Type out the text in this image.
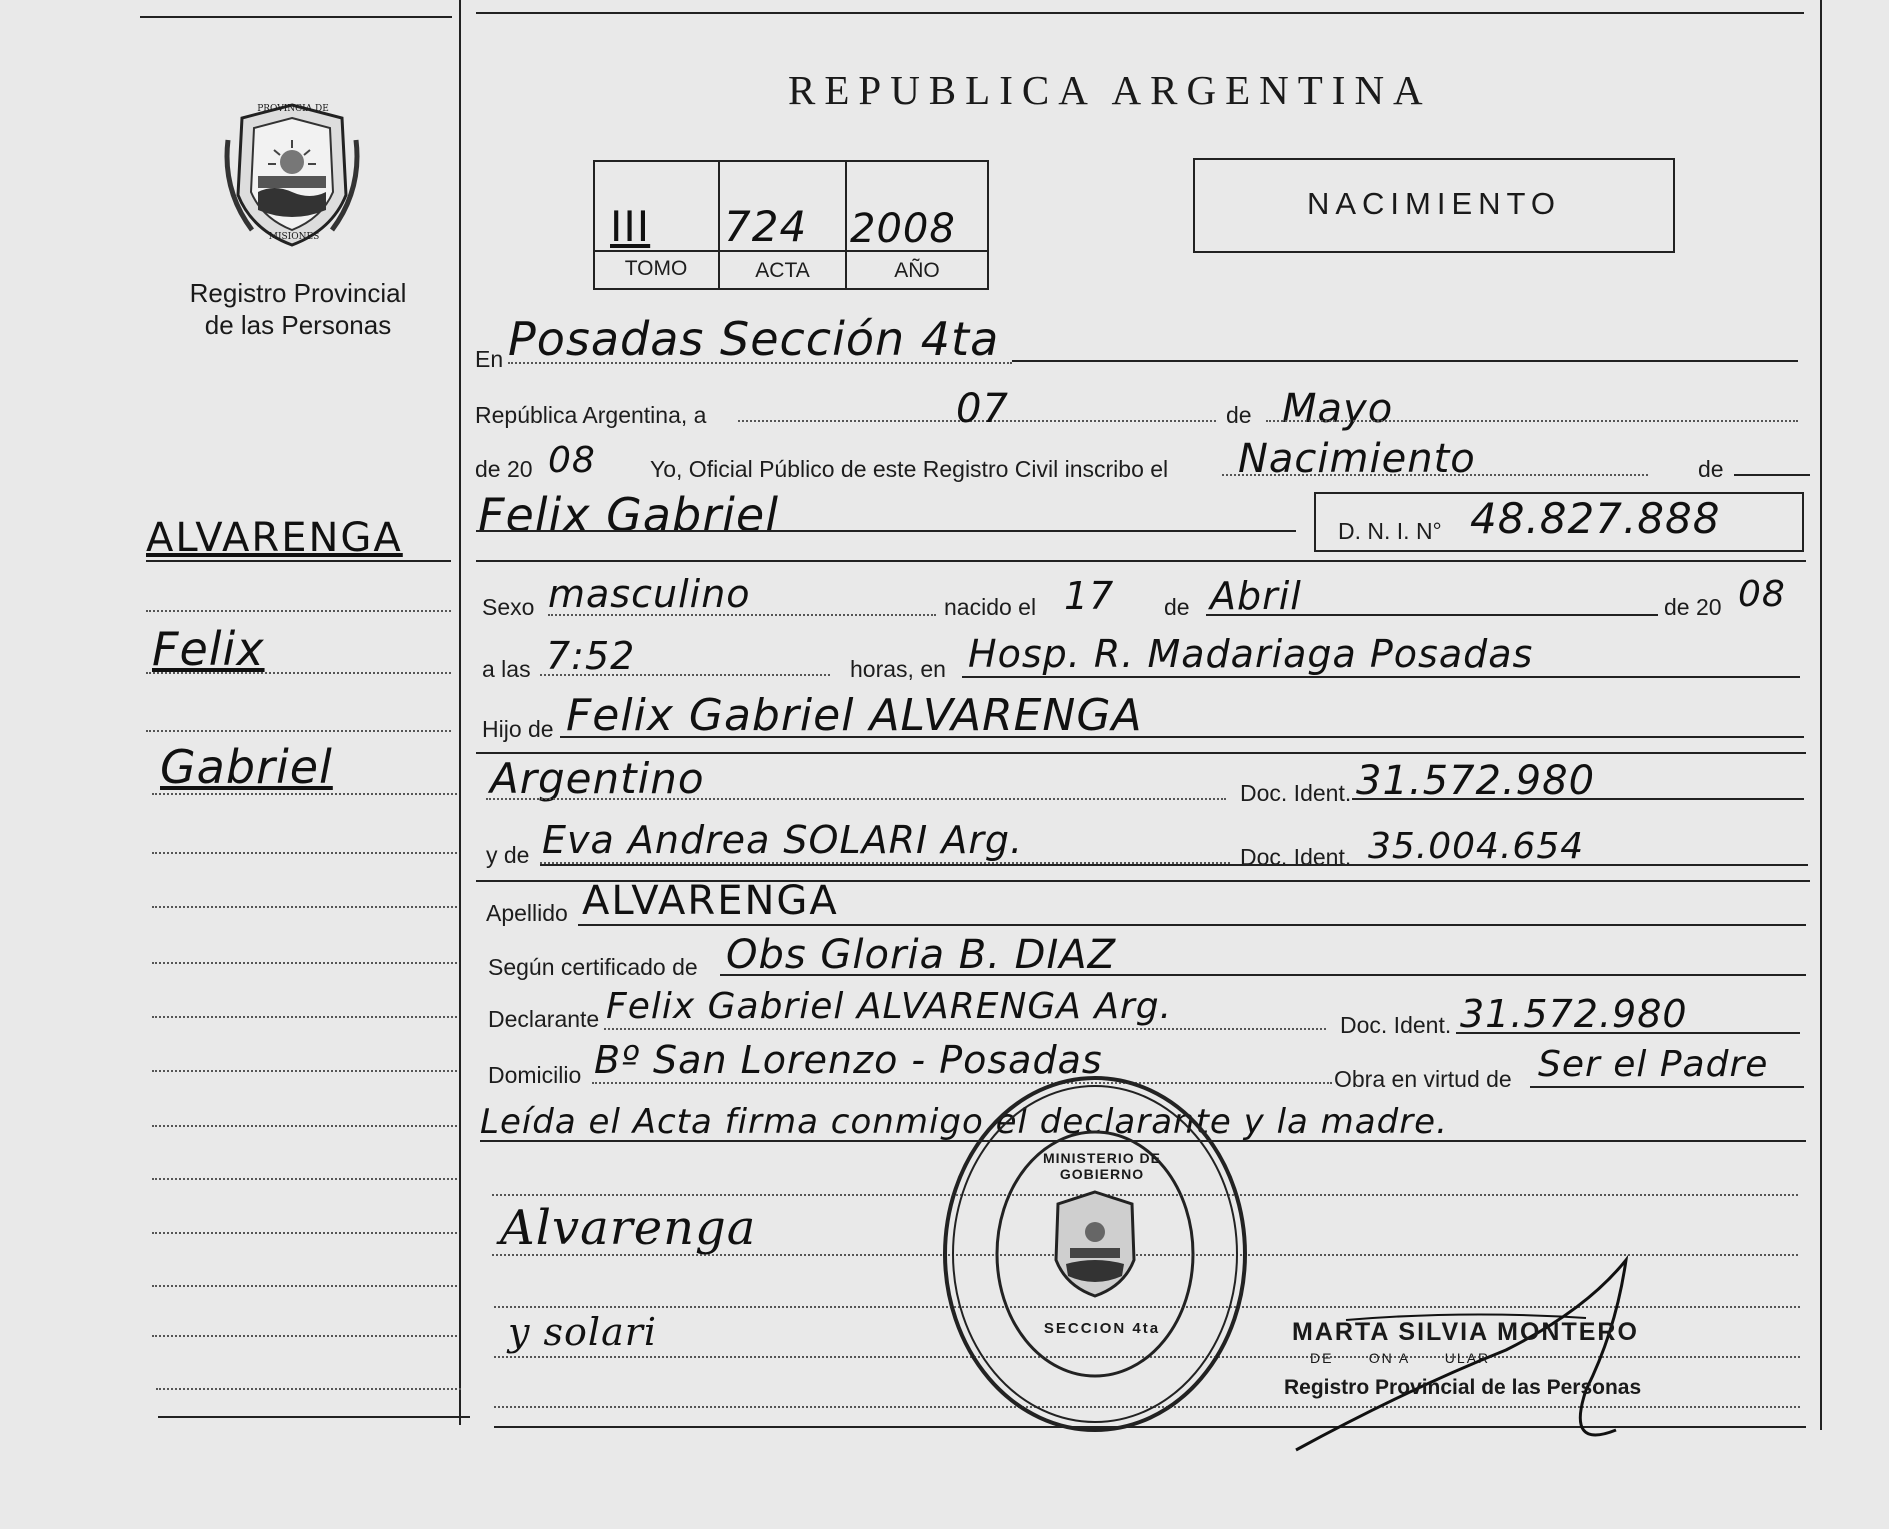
PROVINCIA DE
MISIONES
Registro Provincial
de las Personas
ALVARENGA
Felix
Gabriel
REPUBLICA ARGENTINA
III 724 2008
TOMO	ACTA	AÑO
NACIMIENTO
En Posadas Sección 4ta
República Argentina, a	07	de Mayo
de 20 08 Yo, Oficial Público de este Registro Civil inscribo el Nacimiento	de
Felix Gabriel	D. N. I. N° 48.827.888
Sexo masculino	nacido el 17 de Abril	de 20 08
a las 7:52	horas, en Hosp. R. Madariaga Posadas
Hijo de Felix Gabriel ALVARENGA
Argentino	Doc. Ident. 31.572.980
y de Eva Andrea SOLARI Arg.	Doc. Ident. 35.004.654
Apellido ALVARENGA
Según certificado de Obs Gloria B. DIAZ
Declarante Felix Gabriel ALVARENGA Arg.	Doc. Ident. 31.572.980
Domicilio Bº San Lorenzo - Posadas	Obra en virtud de Ser el Padre
Leída el Acta firma conmigo el declarante y la madre.
Alvarenga
y solari
MINISTERIO DE GOBIERNO
SECCION 4ta	MARTA SILVIA MONTERO
DE      ON A      ULAR
Registro Provincial de las Personas
